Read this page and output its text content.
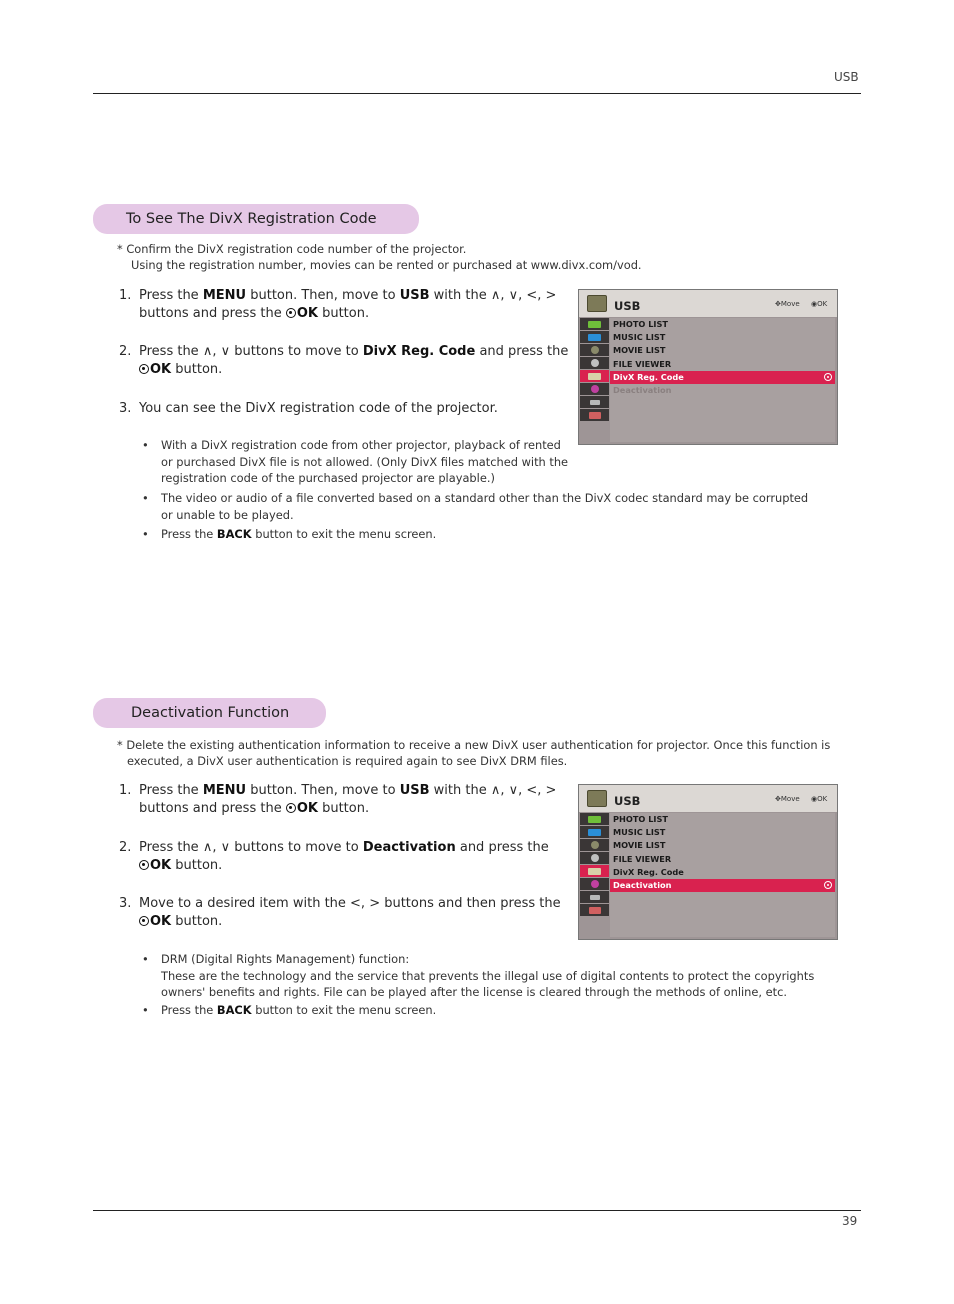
USB
To See The DivX Registration Code
* Confirm the DivX registration code number of the projector.
Using the registration number, movies can be rented or purchased at www.divx.com/vod.
1. Press the MENU button. Then, move to USB with the ∧, ∨, <, >
buttons and press the OK button.
2. Press the ∧, ∨ buttons to move to DivX Reg. Code and press the
OK button.
3. You can see the DivX registration code of the projector.
• With a DivX registration code from other projector, playback of rented
or purchased DivX file is not allowed. (Only DivX files matched with the
registration code of the purchased projector are playable.)
• The video or audio of a file converted based on a standard other than the DivX codec standard may be corrupted
or unable to be played.
• Press the BACK button to exit the menu screen.
USB	✥Move ◉OK
PHOTO LIST
MUSIC LIST
MOVIE LIST
FILE VIEWER
DivX Reg. Code
Deactivation
Deactivation Function
* Delete the existing authentication information to receive a new DivX user authentication for projector. Once this function is
executed, a DivX user authentication is required again to see DivX DRM files.
1. Press the MENU button. Then, move to USB with the ∧, ∨, <, >
buttons and press the OK button.
2. Press the ∧, ∨ buttons to move to Deactivation and press the
OK button.
3. Move to a desired item with the <, > buttons and then press the
OK button.
• DRM (Digital Rights Management) function:
These are the technology and the service that prevents the illegal use of digital contents to protect the copyrights
owners' benefits and rights. File can be played after the license is cleared through the methods of online, etc.
• Press the BACK button to exit the menu screen.
USB	✥Move ◉OK
PHOTO LIST
MUSIC LIST
MOVIE LIST
FILE VIEWER
DivX Reg. Code
Deactivation
39
